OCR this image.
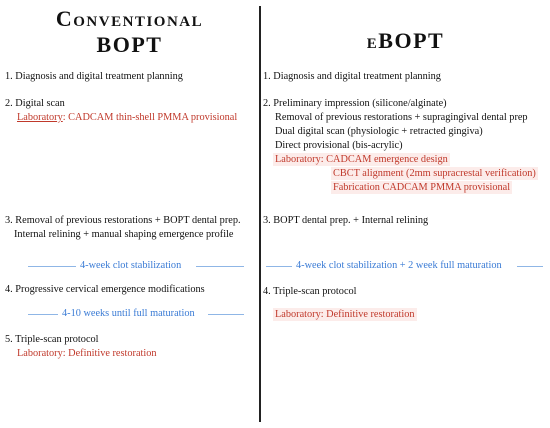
Conventional
BOPT
1. Diagnosis and digital treatment planning
2. Digital scan
Laboratory: CADCAM thin-shell PMMA provisional
3. Removal of previous restorations + BOPT dental prep.
Internal relining + manual shaping emergence profile
4-week clot stabilization
4. Progressive cervical emergence modifications
4-10 weeks until full maturation
5. Triple-scan protocol
Laboratory: Definitive restoration
eBOPT
1. Diagnosis and digital treatment planning
2. Preliminary impression (silicone/alginate)
Removal of previous restorations + supragingival dental prep
Dual digital scan (physiologic + retracted gingiva)
Direct provisional (bis-acrylic)
Laboratory: CADCAM emergence design
CBCT alignment (2mm supracrestal verification)
Fabrication CADCAM PMMA provisional
3. BOPT dental prep. + Internal relining
4-week clot stabilization + 2 week full maturation
4. Triple-scan protocol
Laboratory: Definitive restoration
